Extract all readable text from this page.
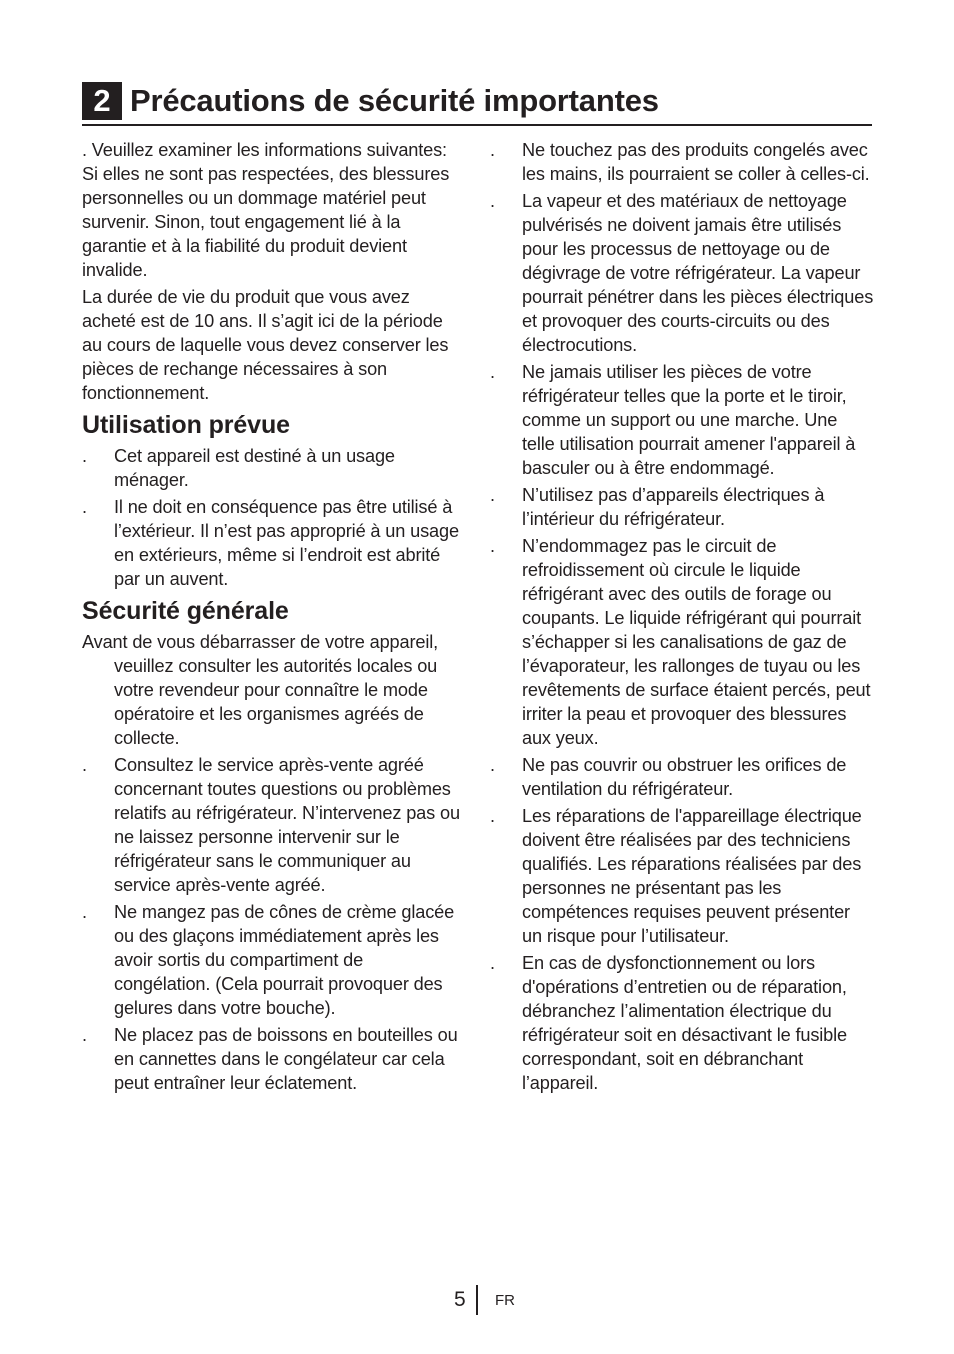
2 Précautions de sécurité importantes

. Veuillez examiner les informations suivantes: Si elles ne sont pas respectées, des blessures personnelles ou un dommage matériel peut survenir. Sinon, tout engagement lié à la garantie et à la fiabilité du produit devient invalide.

La durée de vie du produit que vous avez acheté est de 10 ans. Il s’agit ici de la période au cours de laquelle vous devez conserver les pièces de rechange nécessaires à son fonctionnement.

Utilisation prévue
.	Cet appareil est destiné à un usage ménager.
.	Il ne doit en conséquence pas être utilisé à l’extérieur. Il n’est pas approprié à un usage en extérieurs, même si l’endroit est abrité par un auvent.
Sécurité générale

Avant de vous débarrasser de votre appareil, veuillez consulter les autorités locales ou votre revendeur pour connaître le mode opératoire et les organismes agréés de collecte.

.	Consultez le service après-vente agréé concernant toutes questions ou problèmes relatifs au réfrigérateur. N’intervenez pas ou ne laissez personne intervenir sur le réfrigérateur sans le communiquer au service après-vente agréé.
.	Ne mangez pas de cônes de crème glacée ou des glaçons immédiatement après les avoir sortis du compartiment de congélation. (Cela pourrait provoquer des gelures dans votre bouche).
.	Ne placez pas de boissons en bouteilles ou en cannettes dans le congélateur car cela peut entraîner leur éclatement.
.	Ne touchez pas des produits congelés avec les mains, ils pourraient se coller à celles-ci.
.	La vapeur et des matériaux de nettoyage pulvérisés ne doivent jamais être utilisés pour les processus de nettoyage ou de dégivrage de votre réfrigérateur. La vapeur pourrait pénétrer dans les pièces électriques et provoquer des courts-circuits ou des électrocutions.
.	Ne jamais utiliser les pièces de votre réfrigérateur telles que la porte et le tiroir, comme un support ou une marche. Une telle utilisation pourrait amener l'appareil à basculer ou à être endommagé.
.	N’utilisez pas d’appareils électriques à l’intérieur du réfrigérateur.
.	N’endommagez pas le circuit de refroidissement où circule le liquide réfrigérant avec des outils de forage ou coupants. Le liquide réfrigérant qui pourrait s’échapper si les canalisations de gaz de l’évaporateur, les rallonges de tuyau ou les revêtements de surface étaient percés, peut irriter la peau et provoquer des blessures aux yeux.
.	Ne pas couvrir ou obstruer les orifices de ventilation du réfrigérateur.
.	Les réparations de l'appareillage électrique doivent être réalisées par des techniciens qualifiés. Les réparations réalisées par des personnes ne présentant pas les compétences requises peuvent présenter un risque pour l’utilisateur.
.	En cas de dysfonctionnement ou lors d'opérations d’entretien ou de réparation, débranchez l’alimentation électrique du réfrigérateur soit en désactivant le fusible correspondant, soit en débranchant l’appareil.
5 FR
